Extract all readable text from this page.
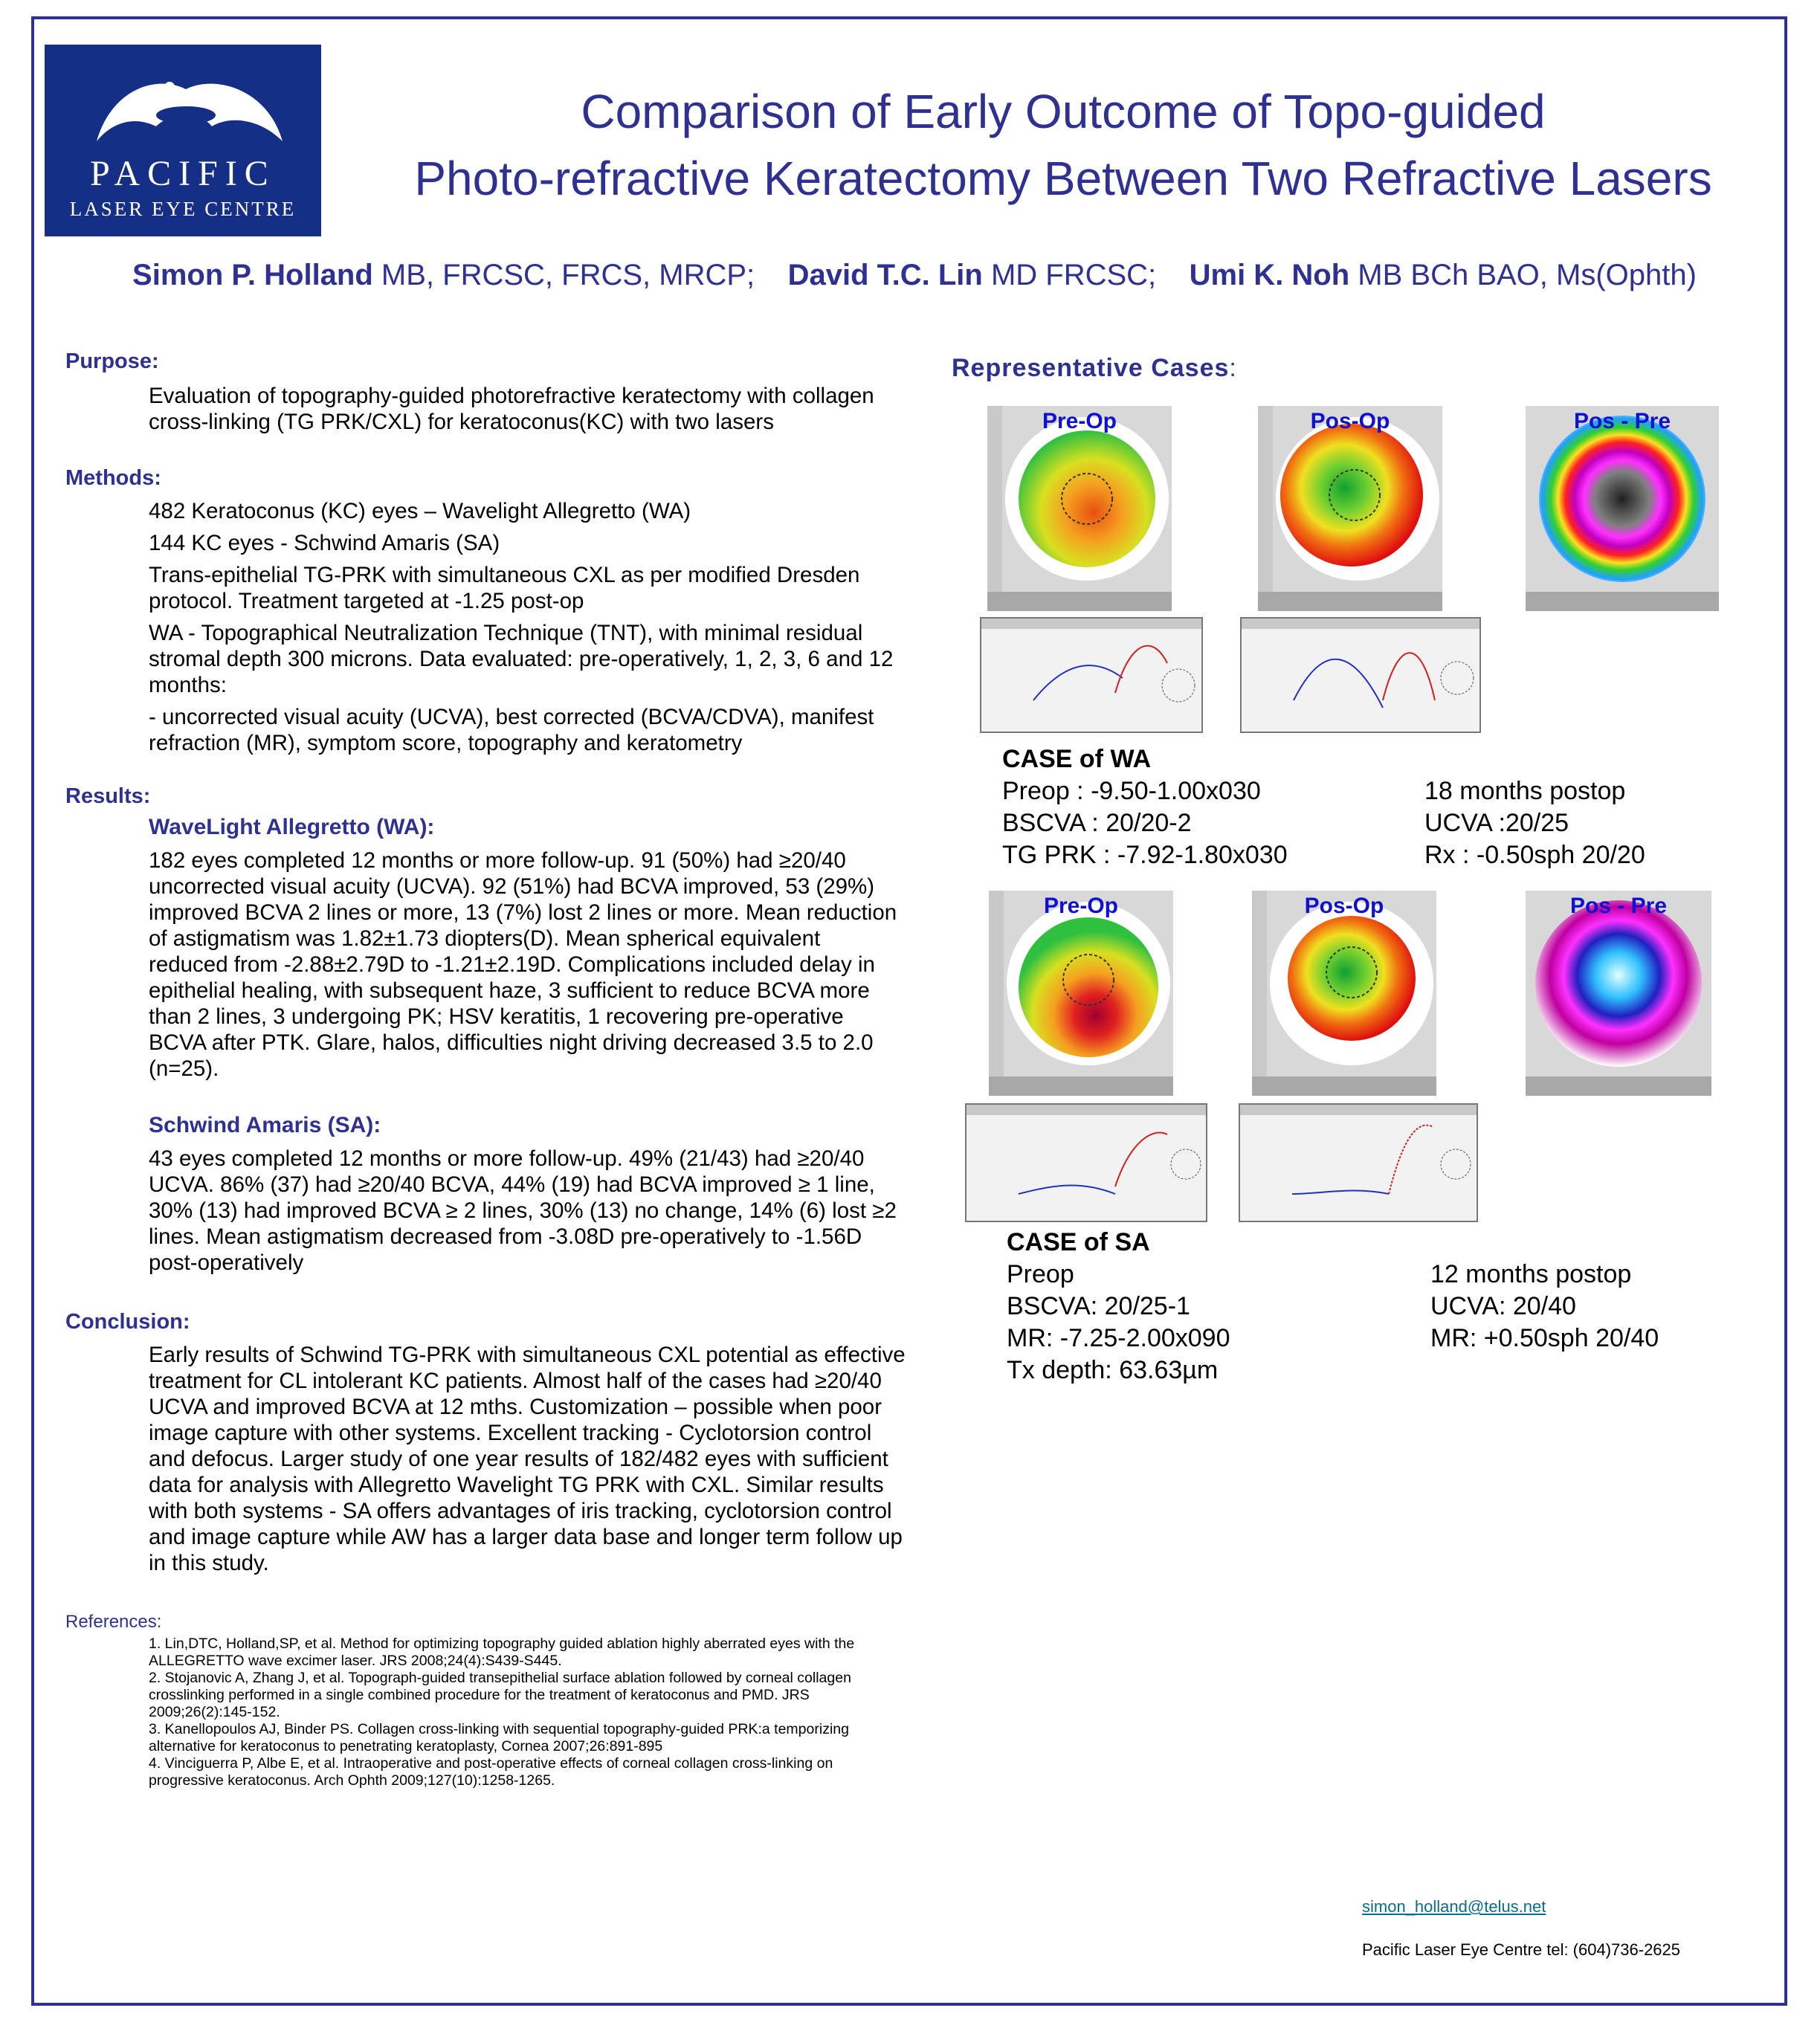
PACIFIC
LASER EYE CENTRE
Comparison of Early Outcome of Topo-guided
Photo-refractive Keratectomy Between Two Refractive Lasers
Simon P. Holland MB, FRCSC, FRCS, MRCP; David T.C. Lin MD FRCSC; Umi K. Noh MB BCh BAO, Ms(Ophth)

Purpose:

Evaluation of topography-guided photorefractive keratectomy with collagen cross-linking (TG PRK/CXL) for keratoconus(KC) with two lasers

Methods:

482 Keratoconus (KC) eyes – Wavelight Allegretto (WA)

144 KC eyes - Schwind Amaris (SA)

Trans-epithelial TG-PRK with simultaneous CXL as per modified Dresden protocol. Treatment targeted at -1.25 post-op

WA - Topographical Neutralization Technique (TNT), with minimal residual stromal depth 300 microns. Data evaluated: pre-operatively, 1, 2, 3, 6 and 12 months:

- uncorrected visual acuity (UCVA), best corrected (BCVA/CDVA), manifest refraction (MR), symptom score, topography and keratometry

Results:

WaveLight Allegretto (WA):

182 eyes completed 12 months or more follow-up. 91 (50%) had ≥20/40 uncorrected visual acuity (UCVA). 92 (51%) had BCVA improved, 53 (29%) improved BCVA 2 lines or more, 13 (7%) lost 2 lines or more. Mean reduction of astigmatism was 1.82±1.73 diopters(D). Mean spherical equivalent reduced from -2.88±2.79D to -1.21±2.19D. Complications included delay in epithelial healing, with subsequent haze, 3 sufficient to reduce BCVA more than 2 lines, 3 undergoing PK; HSV keratitis, 1 recovering pre-operative BCVA after PTK. Glare, halos, difficulties night driving decreased 3.5 to 2.0 (n=25).

Schwind Amaris (SA):

43 eyes completed 12 months or more follow-up. 49% (21/43) had ≥20/40 UCVA. 86% (37) had ≥20/40 BCVA, 44% (19) had BCVA improved ≥ 1 line, 30% (13) had improved BCVA ≥ 2 lines, 30% (13) no change, 14% (6) lost ≥2 lines. Mean astigmatism decreased from -3.08D pre-operatively to -1.56D post-operatively

Conclusion:

Early results of Schwind TG-PRK with simultaneous CXL potential as effective treatment for CL intolerant KC patients. Almost half of the cases had ≥20/40 UCVA and improved BCVA at 12 mths. Customization – possible when poor image capture with other systems. Excellent tracking - Cyclotorsion control and defocus. Larger study of one year results of 182/482 eyes with sufficient data for analysis with Allegretto Wavelight TG PRK with CXL. Similar results with both systems - SA offers advantages of iris tracking, cyclotorsion control and image capture while AW has a larger data base and longer term follow up in this study.

References:

1. Lin,DTC, Holland,SP, et al. Method for optimizing topography guided ablation highly aberrated eyes with the ALLEGRETTO wave excimer laser. JRS 2008;24(4):S439-S445.

2. Stojanovic A, Zhang J, et al. Topograph-guided transepithelial surface ablation followed by corneal collagen crosslinking performed in a single combined procedure for the treatment of keratoconus and PMD. JRS 2009;26(2):145-152.

3. Kanellopoulos AJ, Binder PS. Collagen cross-linking with sequential topography-guided PRK:a temporizing alternative for keratoconus to penetrating keratoplasty, Cornea 2007;26:891-895

4. Vinciguerra P, Albe E, et al. Intraoperative and post-operative effects of corneal collagen cross-linking on progressive keratoconus. Arch Ophth 2009;127(10):1258-1265.

Representative Cases:
Pre-Op	Pos-Op	Pos - Pre
CASE of WA
Preop : -9.50-1.00x030
BSCVA : 20/20-2
TG PRK : -7.92-1.80x030
18 months postop
UCVA :20/25
Rx : -0.50sph 20/20
Pre-Op	Pos-Op	Pos - Pre
CASE of SA
Preop
BSCVA: 20/25-1
MR: -7.25-2.00x090
Tx depth: 63.63µm
12 months postop
UCVA: 20/40
MR: +0.50sph 20/40
simon_holland@telus.net
Pacific Laser Eye Centre tel: (604)736-2625
